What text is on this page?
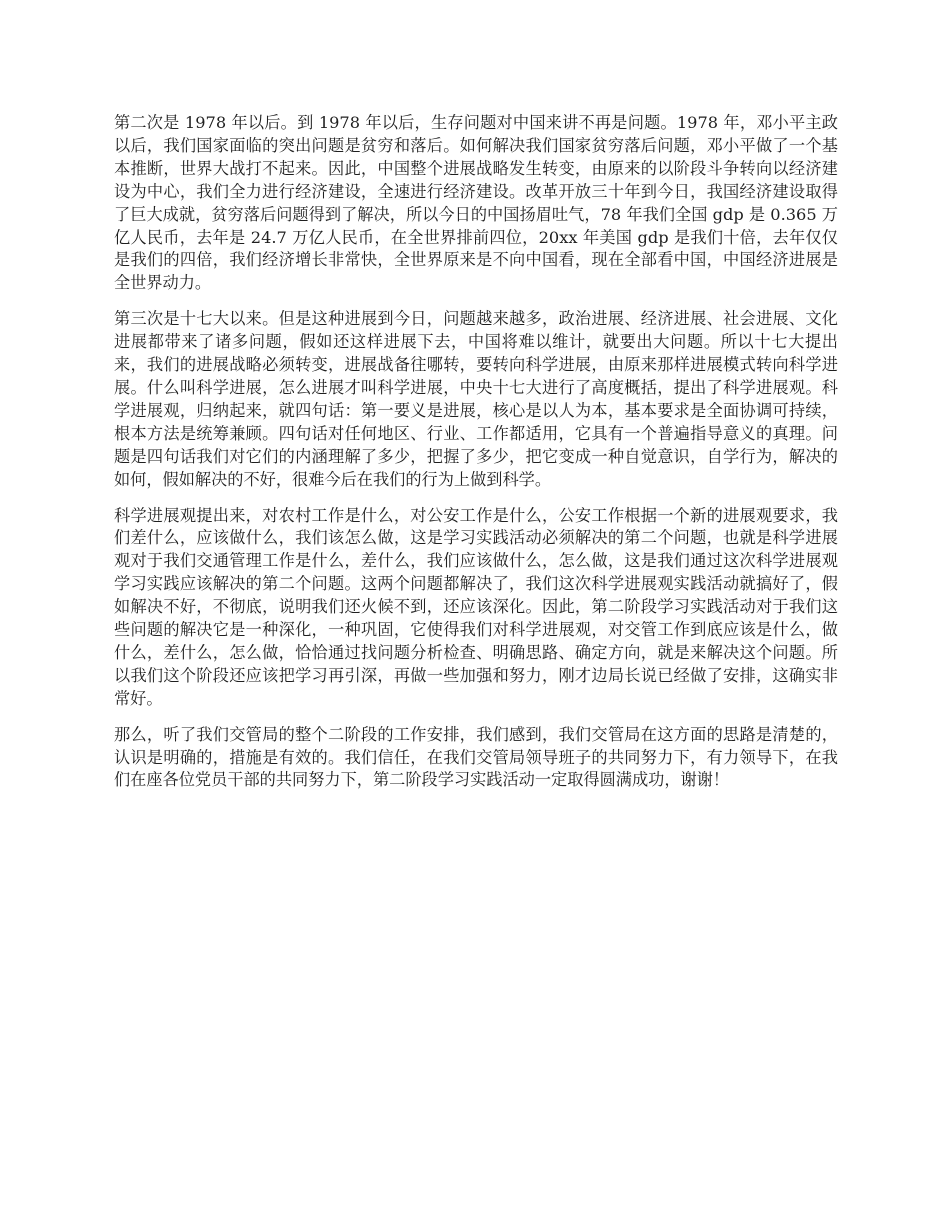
第二次是 1978 年以后。到 1978 年以后，生存问题对中国来讲不再是问题。1978 年，邓小平主政以后，我们国家面临的突出问题是贫穷和落后。如何解决我们国家贫穷落后问题，邓小平做了一个基本推断，世界大战打不起来。因此，中国整个进展战略发生转变，由原来的以阶段斗争转向以经济建设为中心，我们全力进行经济建设，全速进行经济建设。改革开放三十年到今日，我国经济建设取得了巨大成就，贫穷落后问题得到了解决，所以今日的中国扬眉吐气，78 年我们全国 gdp 是 0.365 万亿人民币，去年是 24.7 万亿人民币，在全世界排前四位，20xx 年美国 gdp 是我们十倍，去年仅仅是我们的四倍，我们经济增长非常快，全世界原来是不向中国看，现在全部看中国，中国经济进展是全世界动力。

第三次是十七大以来。但是这种进展到今日，问题越来越多，政治进展、经济进展、社会进展、文化进展都带来了诸多问题，假如还这样进展下去，中国将难以维计，就要出大问题。所以十七大提出来，我们的进展战略必须转变，进展战备往哪转，要转向科学进展，由原来那样进展模式转向科学进展。什么叫科学进展，怎么进展才叫科学进展，中央十七大进行了高度概括，提出了科学进展观。科学进展观，归纳起来，就四句话：第一要义是进展，核心是以人为本，基本要求是全面协调可持续，根本方法是统筹兼顾。四句话对任何地区、行业、工作都适用，它具有一个普遍指导意义的真理。问题是四句话我们对它们的内涵理解了多少，把握了多少，把它变成一种自觉意识，自学行为，解决的如何，假如解决的不好，很难今后在我们的行为上做到科学。

科学进展观提出来，对农村工作是什么，对公安工作是什么，公安工作根据一个新的进展观要求，我们差什么，应该做什么，我们该怎么做，这是学习实践活动必须解决的第二个问题，也就是科学进展观对于我们交通管理工作是什么，差什么，我们应该做什么，怎么做，这是我们通过这次科学进展观学习实践应该解决的第二个问题。这两个问题都解决了，我们这次科学进展观实践活动就搞好了，假如解决不好，不彻底，说明我们还火候不到，还应该深化。因此，第二阶段学习实践活动对于我们这些问题的解决它是一种深化，一种巩固，它使得我们对科学进展观，对交管工作到底应该是什么，做什么，差什么，怎么做，恰恰通过找问题分析检查、明确思路、确定方向，就是来解决这个问题。所以我们这个阶段还应该把学习再引深，再做一些加强和努力，刚才边局长说已经做了安排，这确实非常好。

那么，听了我们交管局的整个二阶段的工作安排，我们感到，我们交管局在这方面的思路是清楚的，认识是明确的，措施是有效的。我们信任，在我们交管局领导班子的共同努力下，有力领导下，在我们在座各位党员干部的共同努力下，第二阶段学习实践活动一定取得圆满成功，谢谢！
